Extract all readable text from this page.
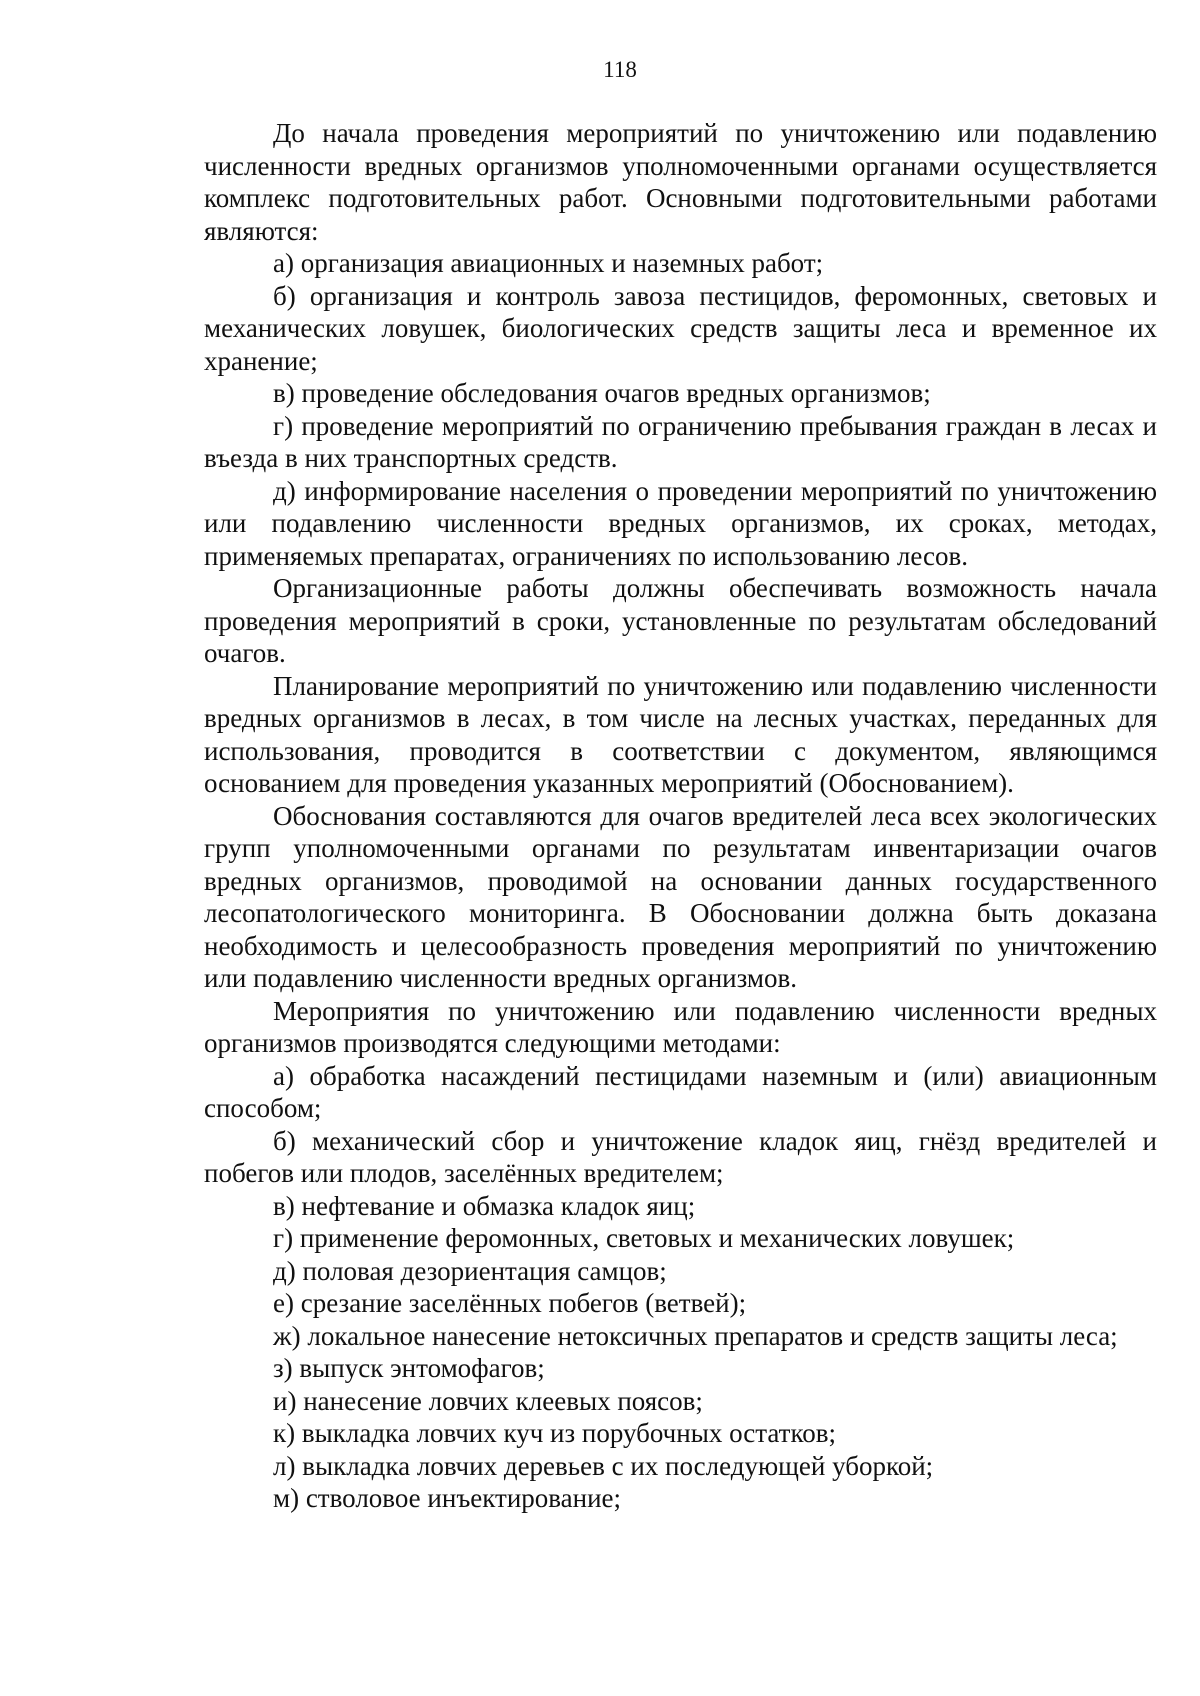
118

До начала проведения мероприятий по уничтожению или подавлению численности вредных организмов уполномоченными органами осуществляется комплекс подготовительных работ. Основными подготовительными работами являются:

а) организация авиационных и наземных работ;

б) организация и контроль завоза пестицидов, феромонных, световых и механических ловушек, биологических средств защиты леса и временное их хранение;

в) проведение обследования очагов вредных организмов;

г) проведение мероприятий по ограничению пребывания граждан в лесах и въезда в них транспортных средств.

д) информирование населения о проведении мероприятий по уничтожению или подавлению численности вредных организмов, их сроках, методах, применяемых препаратах, ограничениях по использованию лесов.

Организационные работы должны обеспечивать возможность начала проведения мероприятий в сроки, установленные по результатам обследований очагов.

Планирование мероприятий по уничтожению или подавлению численности вредных организмов в лесах, в том числе на лесных участках, переданных для использования, проводится в соответствии с документом, являющимся основанием для проведения указанных мероприятий (Обоснованием).

Обоснования составляются для очагов вредителей леса всех экологических групп уполномоченными органами по результатам инвентаризации очагов вредных организмов, проводимой на основании данных государственного лесопатологического мониторинга. В Обосновании должна быть доказана необходимость и целесообразность проведения мероприятий по уничтожению или подавлению численности вредных организмов.

Мероприятия по уничтожению или подавлению численности вредных организмов производятся следующими методами:

а) обработка насаждений пестицидами наземным и (или) авиационным способом;

б) механический сбор и уничтожение кладок яиц, гнёзд вредителей и побегов или плодов, заселённых вредителем;

в) нефтевание и обмазка кладок яиц;

г) применение феромонных, световых и механических ловушек;

д) половая дезориентация самцов;

е) срезание заселённых побегов (ветвей);

ж) локальное нанесение нетоксичных препаратов и средств защиты леса;

з) выпуск энтомофагов;

и) нанесение ловчих клеевых поясов;

к) выкладка ловчих куч из порубочных остатков;

л) выкладка ловчих деревьев с их последующей уборкой;

м) стволовое инъектирование;
